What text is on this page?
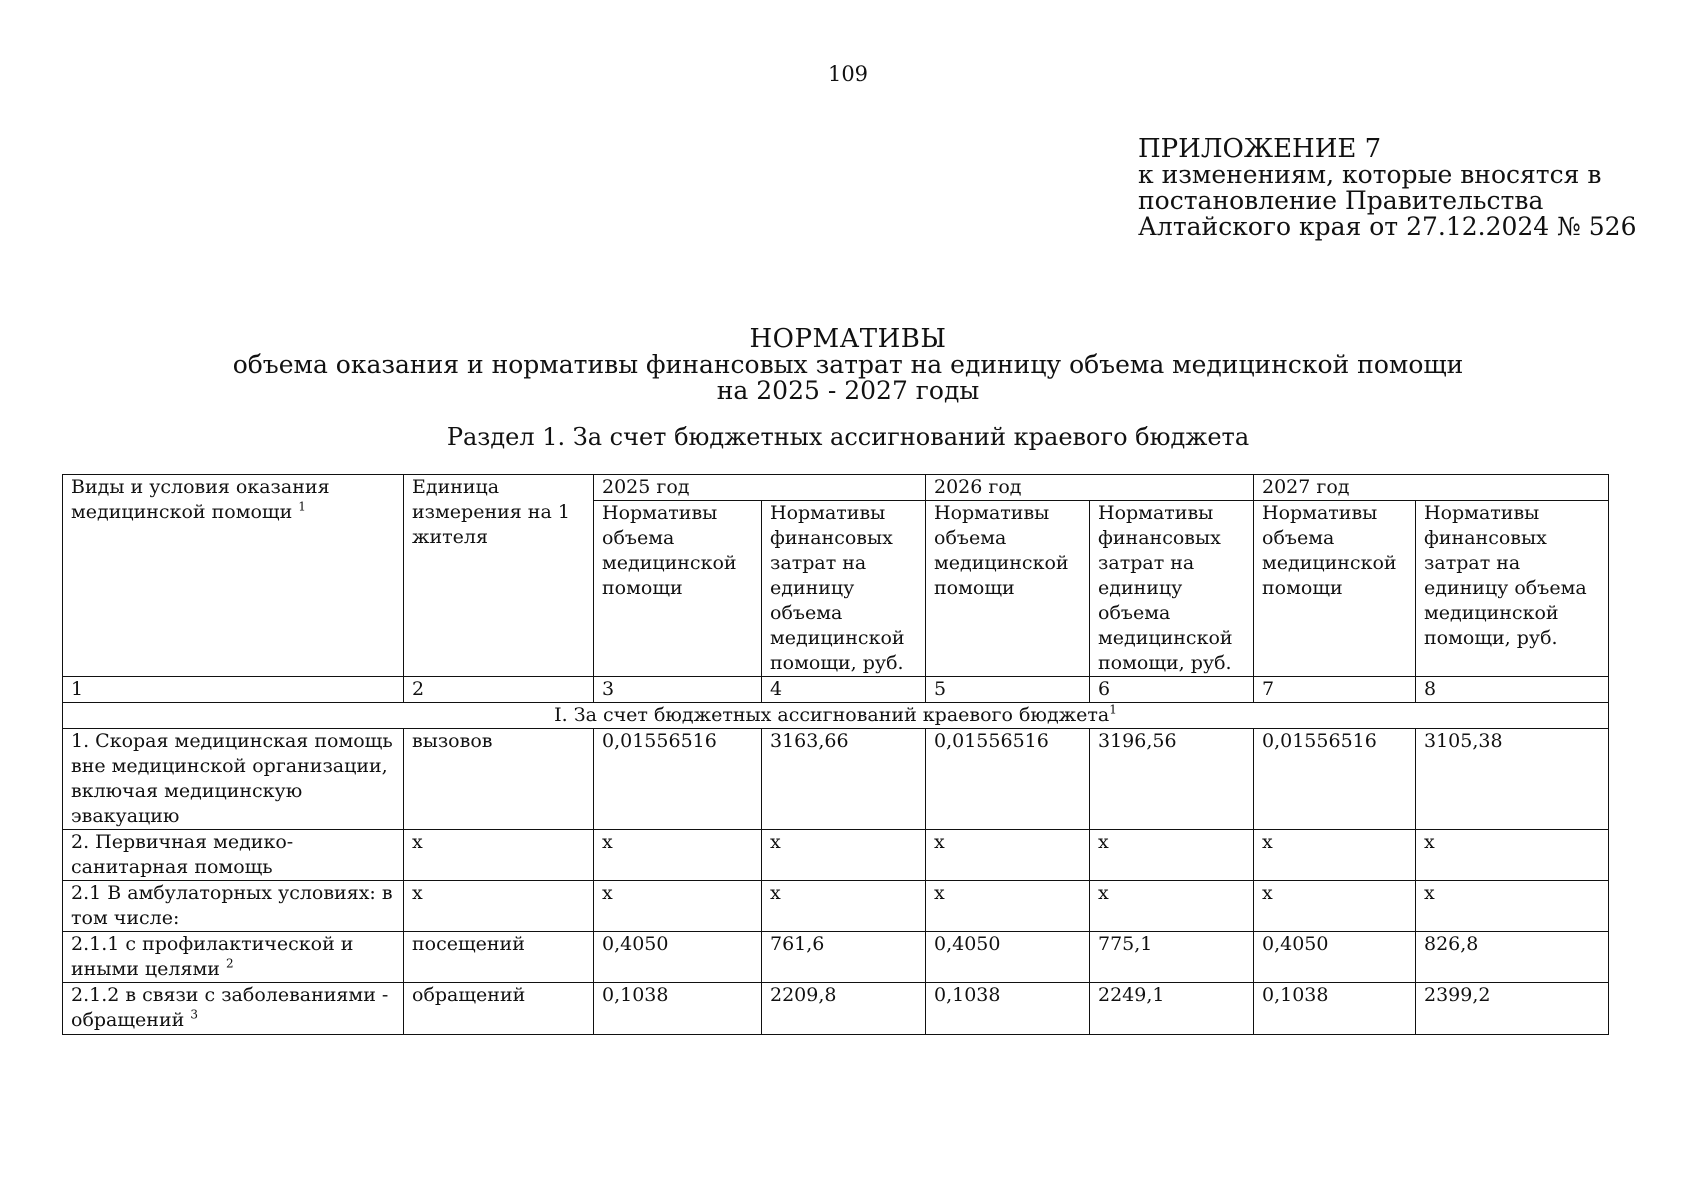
109
ПРИЛОЖЕНИЕ 7
к изменениям, которые вносятся в
постановление Правительства
Алтайского края от 27.12.2024 № 526
НОРМАТИВЫ
объема оказания и нормативы финансовых затрат на единицу объема медицинской помощи
на 2025 - 2027 годы
Раздел 1. За счет бюджетных ассигнований краевого бюджета
Виды и условия оказания медицинской помощи $^1$	Единица измерения на 1 жителя	2025 год		2026 год		2027 год	
		Нормативы объема медицинской помощи	Нормативы финансовых затрат на единицу объема медицинской помощи, руб.	Нормативы объема медицинской помощи	Нормативы финансовых затрат на единицу объема медицинской помощи, руб.	Нормативы объема медицинской помощи	Нормативы финансовых затрат на единицу объема медицинской помощи, руб.
1	2	3	4	5	6	7	8
I. За счет бюджетных ассигнований краевого бюджета$^1$
1. Скорая медицинская помощь вне медицинской организации, включая медицинскую эвакуацию	вызовов	0,01556516	3163,66	0,01556516	3196,56	0,01556516	3105,38
2. Первичная медико-санитарная помощь	х	х	х	х	х	х	х
2.1 В амбулаторных условиях: в том числе:	х	х	х	х	х	х	х
2.1.1 с профилактической и иными целями $^2$	посещений	0,4050	761,6	0,4050	775,1	0,4050	826,8
2.1.2 в связи с заболеваниями - обращений $^3$	обращений	0,1038	2209,8	0,1038	2249,1	0,1038	2399,2
